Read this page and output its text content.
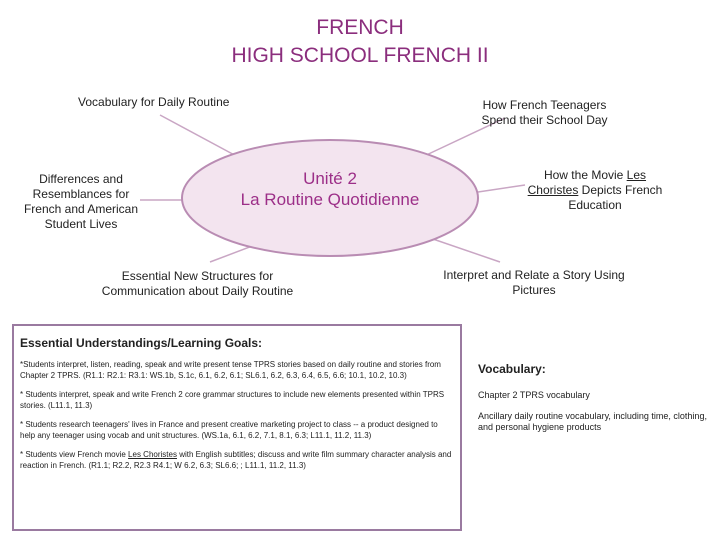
FRENCH
HIGH SCHOOL FRENCH II
Unité 2
La Routine Quotidienne
Vocabulary for Daily Routine	How French Teenagers Spend their School Day
Differences and Resemblances for French and American Student Lives
How the Movie Les Choristes Depicts French Education
Essential New Structures for Communication about Daily Routine
Interpret and Relate a Story Using Pictures
Essential Understandings/Learning Goals:

*Students interpret, listen, reading, speak and write present tense TPRS stories based on daily routine and stories from Chapter 2 TPRS. (R1.1: R2.1: R3.1: WS.1b, S.1c, 6.1, 6.2, 6.1; SL6.1, 6.2, 6.3, 6.4, 6.5, 6.6; 10.1, 10.2, 10.3)

* Students interpret, speak and write French 2 core grammar structures to include new elements presented within TPRS stories. (L11.1, 11.3)

* Students research teenagers' lives in France and present creative marketing project to class -- a product designed to help any teenager using vocab and unit structures. (WS.1a, 6.1, 6.2, 7.1, 8.1, 6.3; L11.1, 11.2, 11.3)

* Students view French movie Les Choristes with English subtitles; discuss and write film summary character analysis and reaction in French. (R1.1; R2.2, R2.3 R4.1; W 6.2, 6.3; SL6.6; ; L11.1, 11.2, 11.3)

Vocabulary:
Chapter 2 TPRS vocabulary
Ancillary daily routine vocabulary, including time, clothing, and personal hygiene products
